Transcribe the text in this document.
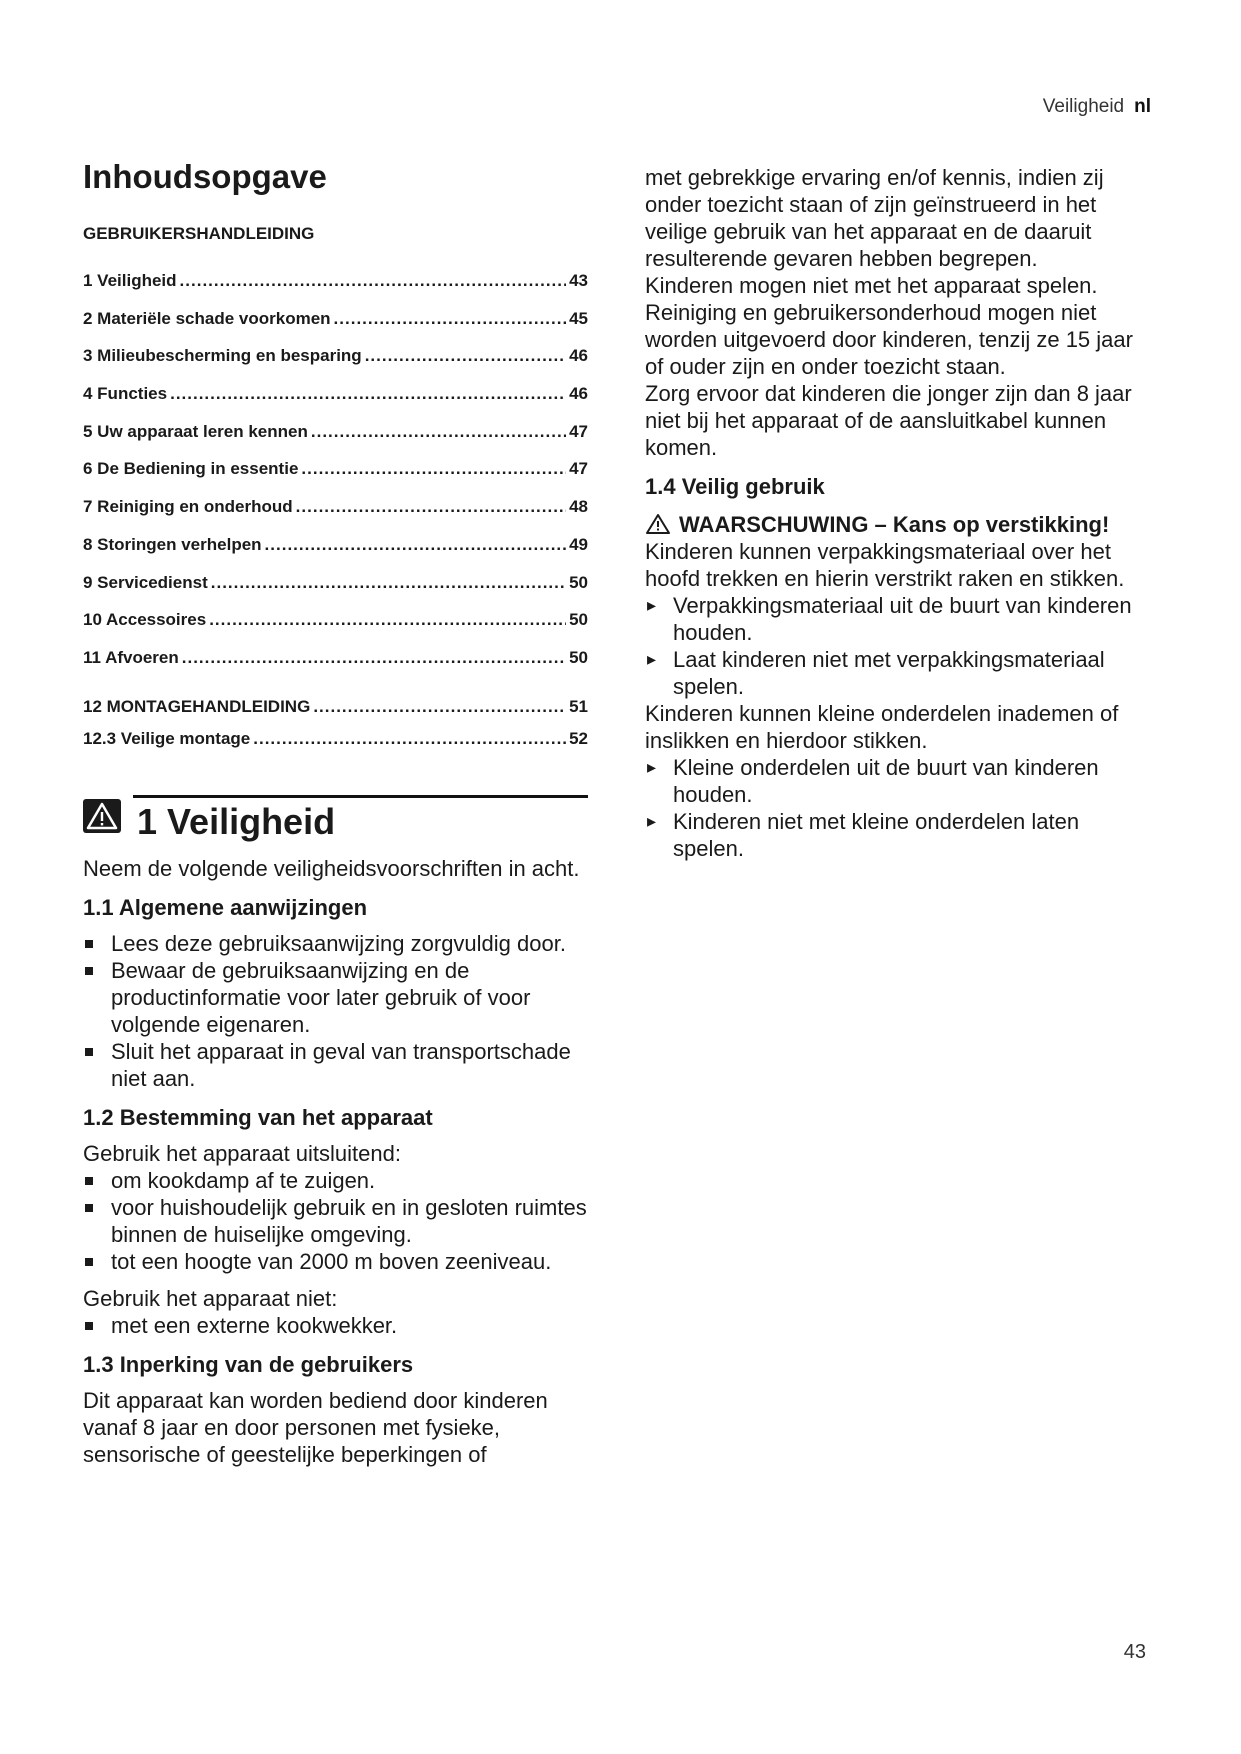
Veiligheid nl
Inhoudsopgave
GEBRUIKERSHANDLEIDING
1 Veiligheid .....	43
2 Materiële schade voorkomen .....	45
3 Milieubescherming en besparing .....	46
4 Functies .....	46
5 Uw apparaat leren kennen .....	47
6 De Bediening in essentie .....	47
7 Reiniging en onderhoud .....	48
8 Storingen verhelpen .....	49
9 Servicedienst .....	50
10 Accessoires .....	50
11 Afvoeren .....	50
12 MONTAGEHANDLEIDING .....	51
12.3 Veilige montage .....	52
1 Veiligheid

Neem de volgende veiligheidsvoorschriften in acht.

1.1 Algemene aanwijzingen
Lees deze gebruiksaanwijzing zorgvuldig door.
Bewaar de gebruiksaanwijzing en de productinformatie voor later gebruik of voor volgende eigenaren.
Sluit het apparaat in geval van transportschade niet aan.
1.2 Bestemming van het apparaat

Gebruik het apparaat uitsluitend:

om kookdamp af te zuigen.
voor huishoudelijk gebruik en in gesloten ruimtes binnen de huiselijke omgeving.
tot een hoogte van 2000 m boven zeeniveau.

Gebruik het apparaat niet:

met een externe kookwekker.
1.3 Inperking van de gebruikers

Dit apparaat kan worden bediend door kinderen vanaf 8 jaar en door personen met fysieke, sensorische of geestelijke beperkingen of

met gebrekkige ervaring en/of kennis, indien zij onder toezicht staan of zijn geïnstrueerd in het veilige gebruik van het apparaat en de daaruit resulterende gevaren hebben begrepen.

Kinderen mogen niet met het apparaat spelen.

Reiniging en gebruikersonderhoud mogen niet worden uitgevoerd door kinderen, tenzij ze 15 jaar of ouder zijn en onder toezicht staan.

Zorg ervoor dat kinderen die jonger zijn dan 8 jaar niet bij het apparaat of de aansluitkabel kunnen komen.

1.4 Veilig gebruik
WAARSCHUWING – Kans op verstikking!

Kinderen kunnen verpakkingsmateriaal over het hoofd trekken en hierin verstrikt raken en stikken.

▸ Verpakkingsmateriaal uit de buurt van kinderen houden.
▸ Laat kinderen niet met verpakkingsmateriaal spelen.

Kinderen kunnen kleine onderdelen inademen of inslikken en hierdoor stikken.

▸ Kleine onderdelen uit de buurt van kinderen houden.
▸ Kinderen niet met kleine onderdelen laten spelen.
43
